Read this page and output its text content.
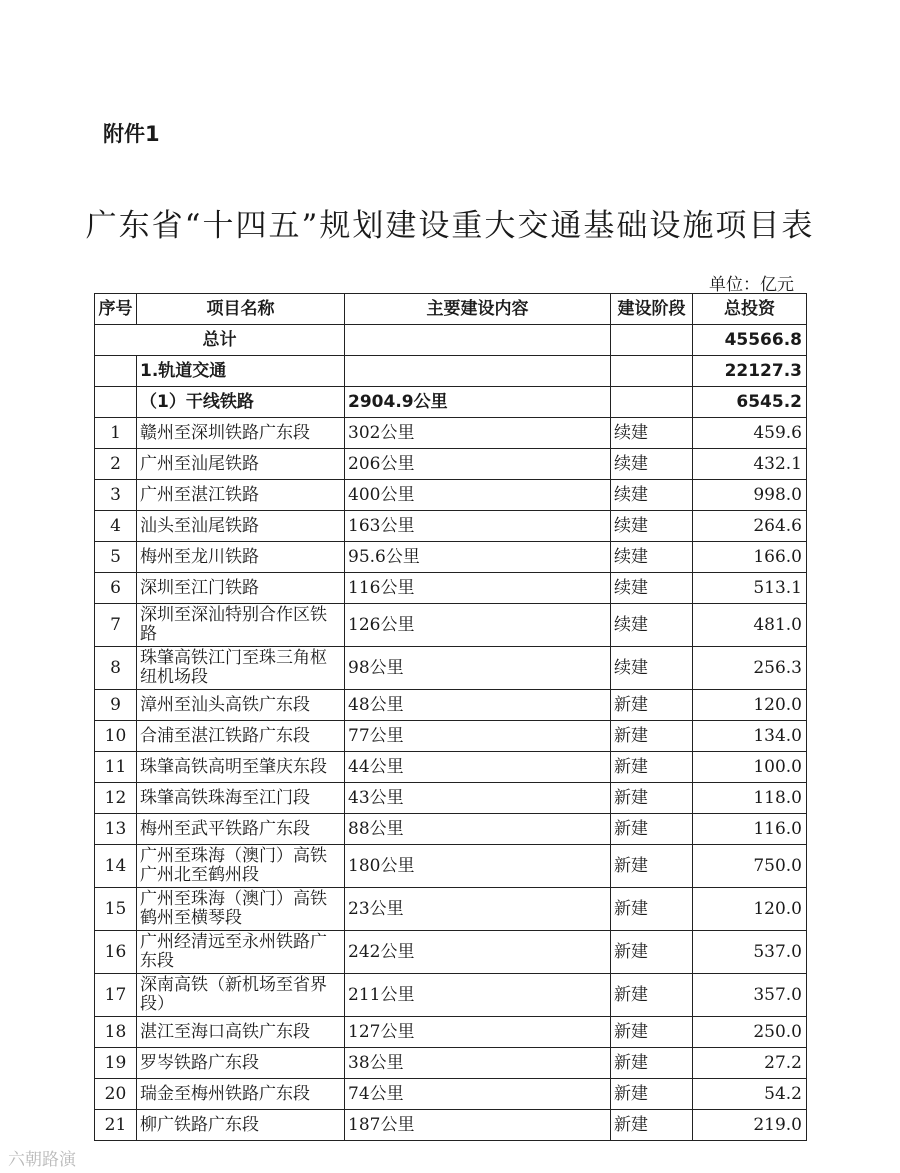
附件1
广东省“十四五”规划建设重大交通基础设施项目表
单位：亿元
序号	项目名称	主要建设内容	建设阶段	总投资
总计				45566.8
	1.轨道交通			22127.3
	（1）干线铁路	2904.9公里		6545.2
1	赣州至深圳铁路广东段	302公里	续建	459.6
2	广州至汕尾铁路	206公里	续建	432.1
3	广州至湛江铁路	400公里	续建	998.0
4	汕头至汕尾铁路	163公里	续建	264.6
5	梅州至龙川铁路	95.6公里	续建	166.0
6	深圳至江门铁路	116公里	续建	513.1
7	深圳至深汕特别合作区铁路	126公里	续建	481.0
8	珠肇高铁江门至珠三角枢纽机场段	98公里	续建	256.3
9	漳州至汕头高铁广东段	48公里	新建	120.0
10	合浦至湛江铁路广东段	77公里	新建	134.0
11	珠肇高铁高明至肇庆东段	44公里	新建	100.0
12	珠肇高铁珠海至江门段	43公里	新建	118.0
13	梅州至武平铁路广东段	88公里	新建	116.0
14	广州至珠海（澳门）高铁广州北至鹤州段	180公里	新建	750.0
15	广州至珠海（澳门）高铁鹤州至横琴段	23公里	新建	120.0
16	广州经清远至永州铁路广东段	242公里	新建	537.0
17	深南高铁（新机场至省界段）	211公里	新建	357.0
18	湛江至海口高铁广东段	127公里	新建	250.0
19	罗岑铁路广东段	38公里	新建	27.2
20	瑞金至梅州铁路广东段	74公里	新建	54.2
21	柳广铁路广东段	187公里	新建	219.0
六朝路演
